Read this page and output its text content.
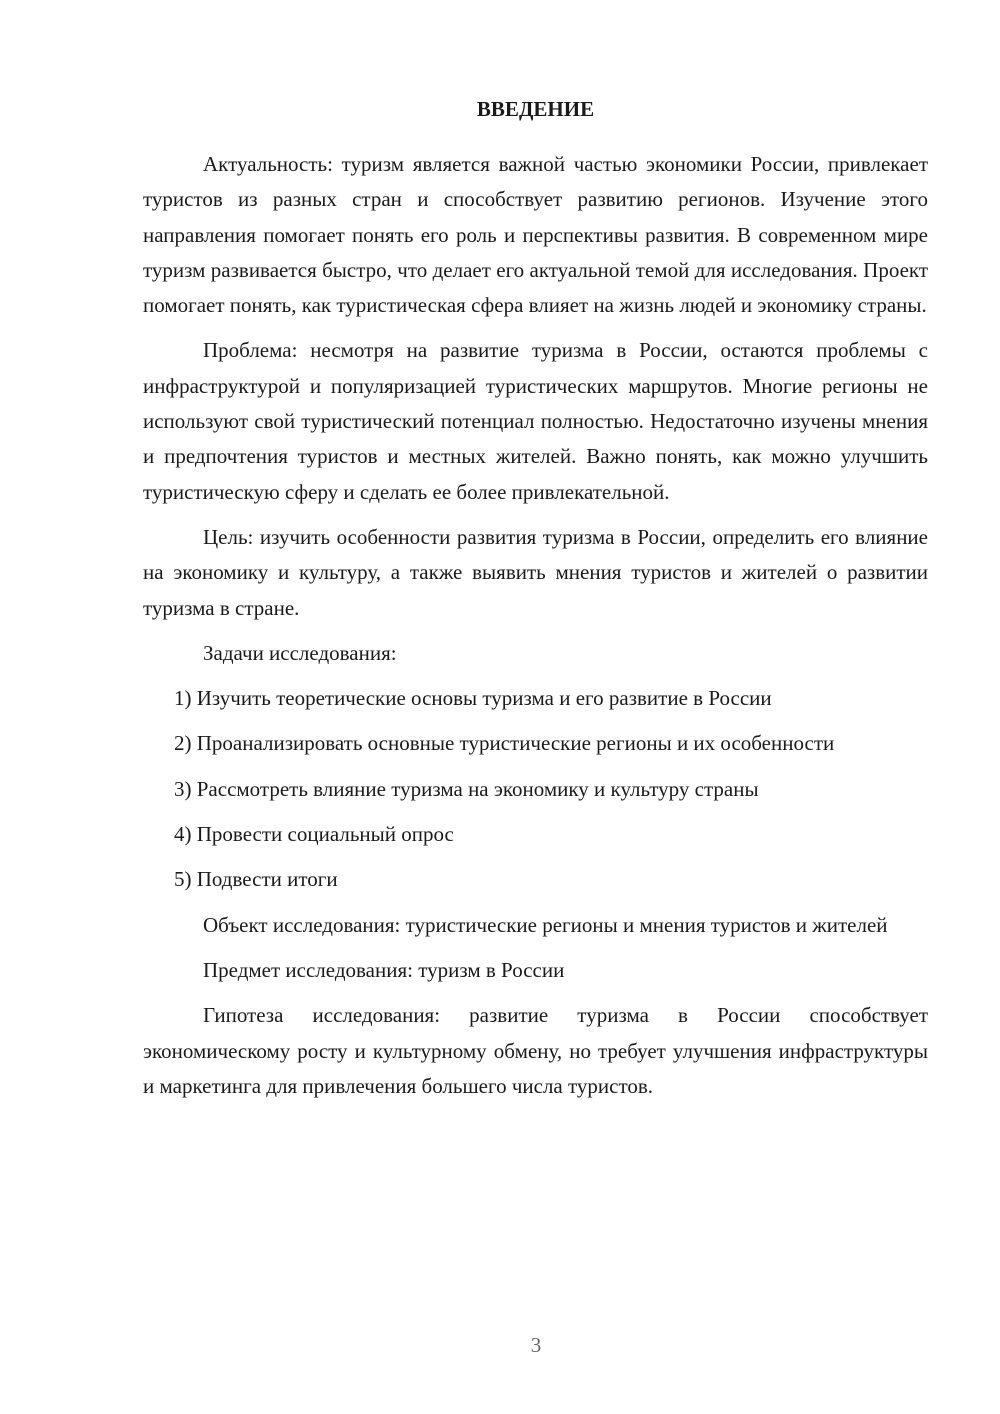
ВВЕДЕНИЕ

Актуальность: туризм является важной частью экономики России, привлекает туристов из разных стран и способствует развитию регионов. Изучение этого направления помогает понять его роль и перспективы развития. В современном мире туризм развивается быстро, что делает его актуальной темой для исследования. Проект помогает понять, как туристическая сфера влияет на жизнь людей и экономику страны.

Проблема: несмотря на развитие туризма в России, остаются проблемы с инфраструктурой и популяризацией туристических маршрутов. Многие регионы не используют свой туристический потенциал полностью. Недостаточно изучены мнения и предпочтения туристов и местных жителей. Важно понять, как можно улучшить туристическую сферу и сделать ее более привлекательной.

Цель: изучить особенности развития туризма в России, определить его влияние на экономику и культуру, а также выявить мнения туристов и жителей о развитии туризма в стране.

Задачи исследования:

1) Изучить теоретические основы туризма и его развитие в России

2) Проанализировать основные туристические регионы и их особенности

3) Рассмотреть влияние туризма на экономику и культуру страны

4) Провести социальный опрос

5) Подвести итоги

Объект исследования: туристические регионы и мнения туристов и жителей

Предмет исследования: туризм в России

Гипотеза исследования: развитие туризма в России способствует экономическому росту и культурному обмену, но требует улучшения инфраструктуры и маркетинга для привлечения большего числа туристов.

3
